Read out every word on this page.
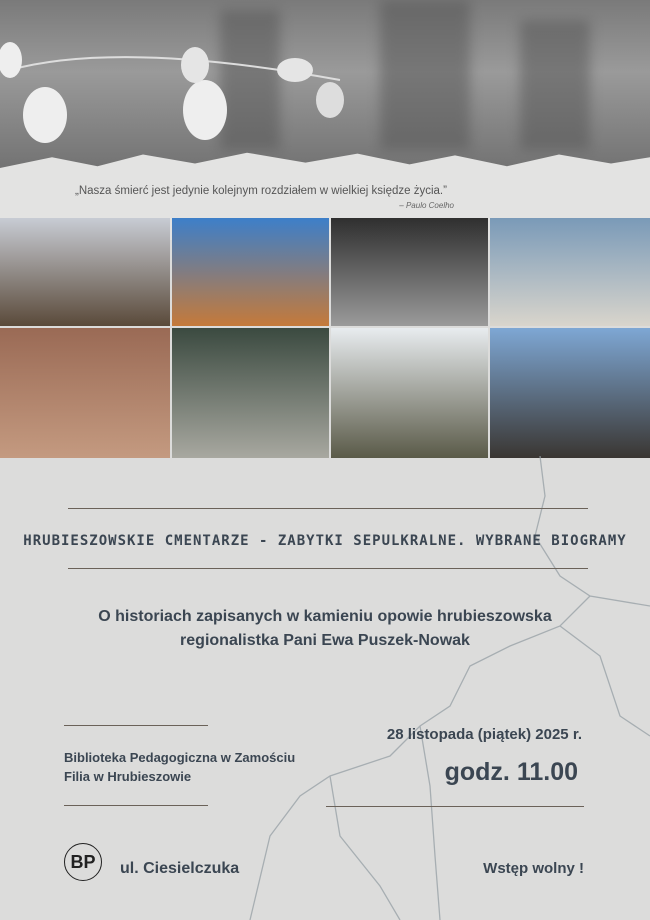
„Nasza śmierć jest jedynie kolejnym rozdziałem w wielkiej księdze życia.”
– Paulo Coelho
HRUBIESZOWSKIE CMENTARZE - ZABYTKI SEPULKRALNE. WYBRANE BIOGRAMY
O historiach zapisanych w kamieniu opowie hrubieszowska
regionalistka Pani Ewa Puszek-Nowak
Biblioteka Pedagogiczna w Zamościu
Filia w Hrubieszowie
28 listopada (piątek) 2025 r.
godz. 11.00
BP ul. Ciesielczuka	Wstęp wolny !
